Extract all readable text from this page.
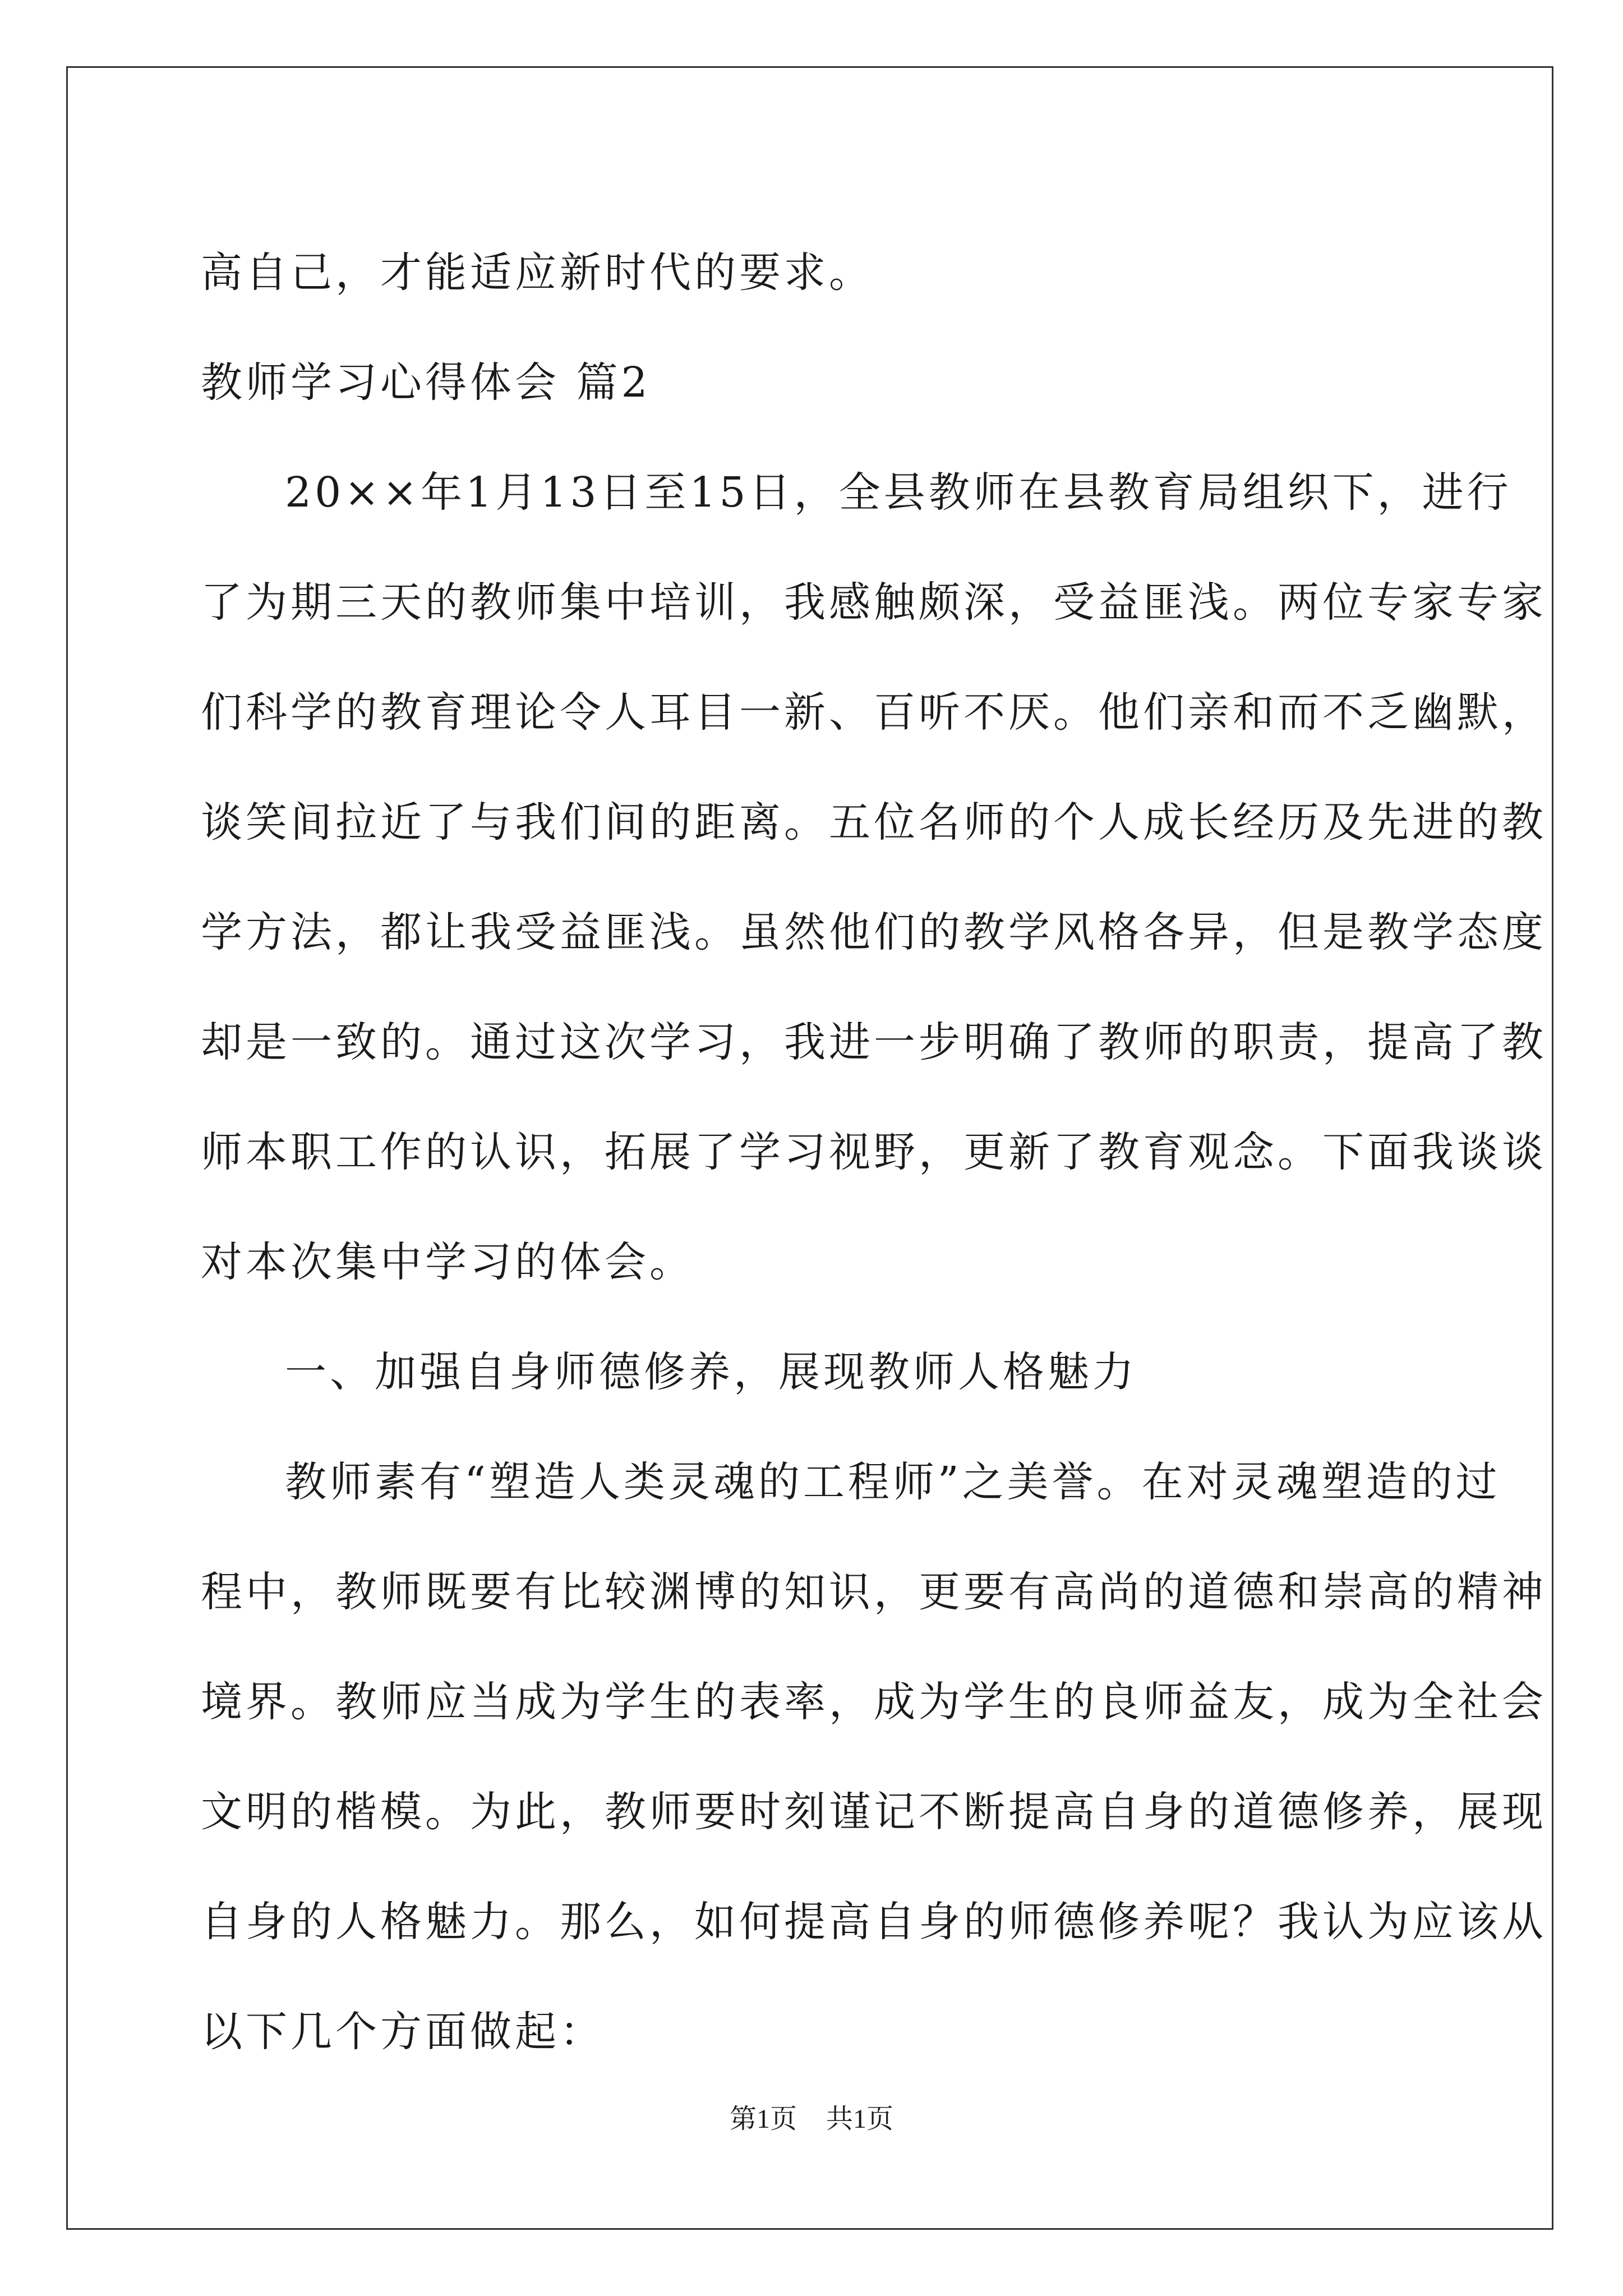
高自己，才能适应新时代的要求。

教师学习心得体会 篇2

20××年1月13日至15日，全县教师在县教育局组织下，进行

了为期三天的教师集中培训，我感触颇深，受益匪浅。两位专家专家

们科学的教育理论令人耳目一新、百听不厌。他们亲和而不乏幽默，

谈笑间拉近了与我们间的距离。五位名师的个人成长经历及先进的教

学方法，都让我受益匪浅。虽然他们的教学风格各异，但是教学态度

却是一致的。通过这次学习，我进一步明确了教师的职责，提高了教

师本职工作的认识，拓展了学习视野，更新了教育观念。下面我谈谈

对本次集中学习的体会。

一、加强自身师德修养，展现教师人格魅力

教师素有“塑造人类灵魂的工程师”之美誉。在对灵魂塑造的过

程中，教师既要有比较渊博的知识，更要有高尚的道德和崇高的精神

境界。教师应当成为学生的表率，成为学生的良师益友，成为全社会

文明的楷模。为此，教师要时刻谨记不断提高自身的道德修养，展现

自身的人格魅力。那么，如何提高自身的师德修养呢？我认为应该从

以下几个方面做起：

第1页 共1页
